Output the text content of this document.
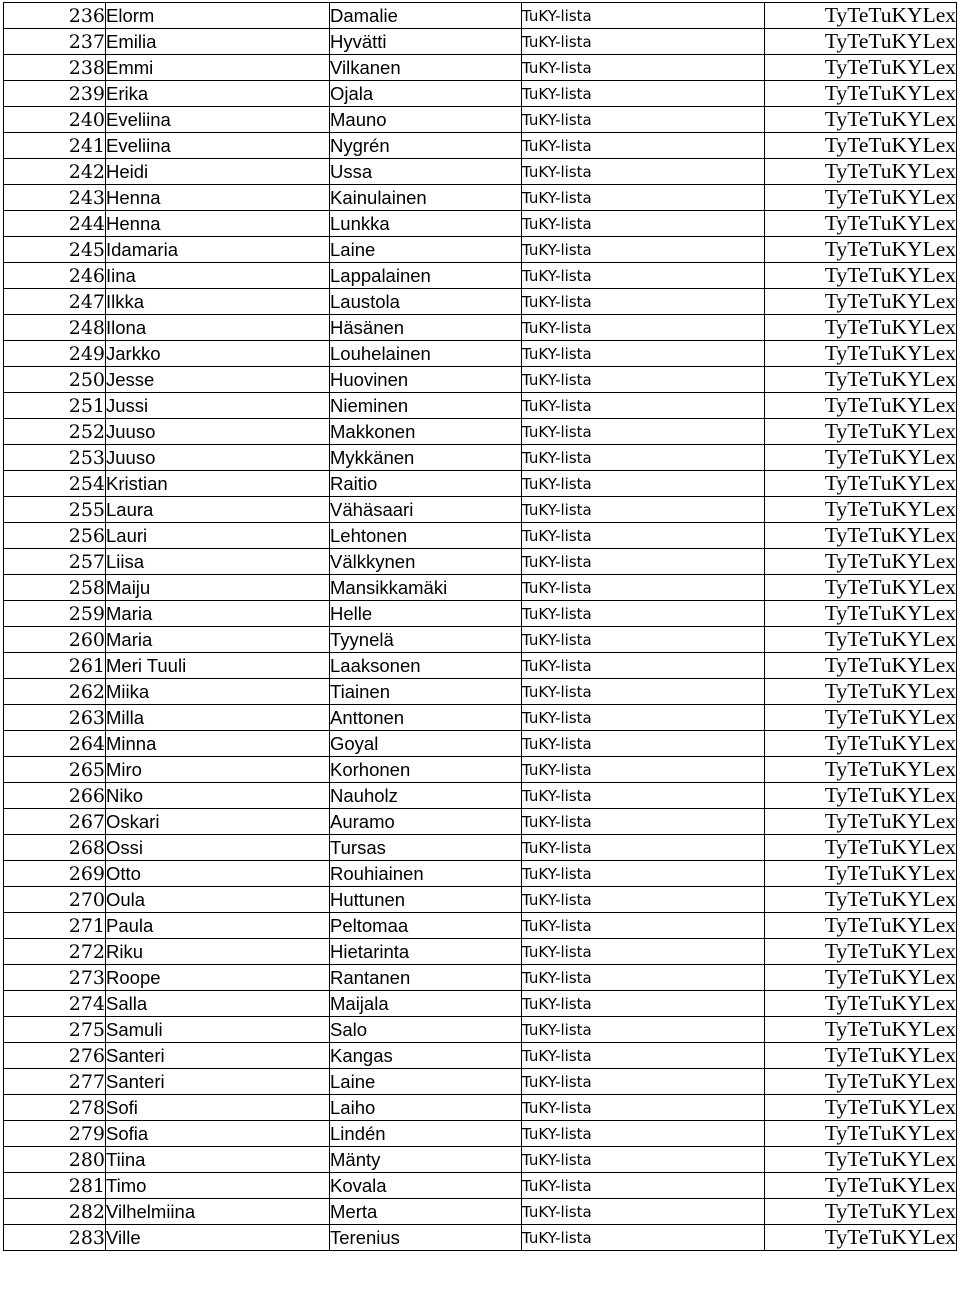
236	Elorm	Damalie	TuKY-lista	TyTeTuKYLex
237	Emilia	Hyvätti	TuKY-lista	TyTeTuKYLex
238	Emmi	Vilkanen	TuKY-lista	TyTeTuKYLex
239	Erika	Ojala	TuKY-lista	TyTeTuKYLex
240	Eveliina	Mauno	TuKY-lista	TyTeTuKYLex
241	Eveliina	Nygrén	TuKY-lista	TyTeTuKYLex
242	Heidi	Ussa	TuKY-lista	TyTeTuKYLex
243	Henna	Kainulainen	TuKY-lista	TyTeTuKYLex
244	Henna	Lunkka	TuKY-lista	TyTeTuKYLex
245	Idamaria	Laine	TuKY-lista	TyTeTuKYLex
246	Iina	Lappalainen	TuKY-lista	TyTeTuKYLex
247	Ilkka	Laustola	TuKY-lista	TyTeTuKYLex
248	Ilona	Häsänen	TuKY-lista	TyTeTuKYLex
249	Jarkko	Louhelainen	TuKY-lista	TyTeTuKYLex
250	Jesse	Huovinen	TuKY-lista	TyTeTuKYLex
251	Jussi	Nieminen	TuKY-lista	TyTeTuKYLex
252	Juuso	Makkonen	TuKY-lista	TyTeTuKYLex
253	Juuso	Mykkänen	TuKY-lista	TyTeTuKYLex
254	Kristian	Raitio	TuKY-lista	TyTeTuKYLex
255	Laura	Vähäsaari	TuKY-lista	TyTeTuKYLex
256	Lauri	Lehtonen	TuKY-lista	TyTeTuKYLex
257	Liisa	Välkkynen	TuKY-lista	TyTeTuKYLex
258	Maiju	Mansikkamäki	TuKY-lista	TyTeTuKYLex
259	Maria	Helle	TuKY-lista	TyTeTuKYLex
260	Maria	Tyynelä	TuKY-lista	TyTeTuKYLex
261	Meri Tuuli	Laaksonen	TuKY-lista	TyTeTuKYLex
262	Miika	Tiainen	TuKY-lista	TyTeTuKYLex
263	Milla	Anttonen	TuKY-lista	TyTeTuKYLex
264	Minna	Goyal	TuKY-lista	TyTeTuKYLex
265	Miro	Korhonen	TuKY-lista	TyTeTuKYLex
266	Niko	Nauholz	TuKY-lista	TyTeTuKYLex
267	Oskari	Auramo	TuKY-lista	TyTeTuKYLex
268	Ossi	Tursas	TuKY-lista	TyTeTuKYLex
269	Otto	Rouhiainen	TuKY-lista	TyTeTuKYLex
270	Oula	Huttunen	TuKY-lista	TyTeTuKYLex
271	Paula	Peltomaa	TuKY-lista	TyTeTuKYLex
272	Riku	Hietarinta	TuKY-lista	TyTeTuKYLex
273	Roope	Rantanen	TuKY-lista	TyTeTuKYLex
274	Salla	Maijala	TuKY-lista	TyTeTuKYLex
275	Samuli	Salo	TuKY-lista	TyTeTuKYLex
276	Santeri	Kangas	TuKY-lista	TyTeTuKYLex
277	Santeri	Laine	TuKY-lista	TyTeTuKYLex
278	Sofi	Laiho	TuKY-lista	TyTeTuKYLex
279	Sofia	Lindén	TuKY-lista	TyTeTuKYLex
280	Tiina	Mänty	TuKY-lista	TyTeTuKYLex
281	Timo	Kovala	TuKY-lista	TyTeTuKYLex
282	Vilhelmiina	Merta	TuKY-lista	TyTeTuKYLex
283	Ville	Terenius	TuKY-lista	TyTeTuKYLex
